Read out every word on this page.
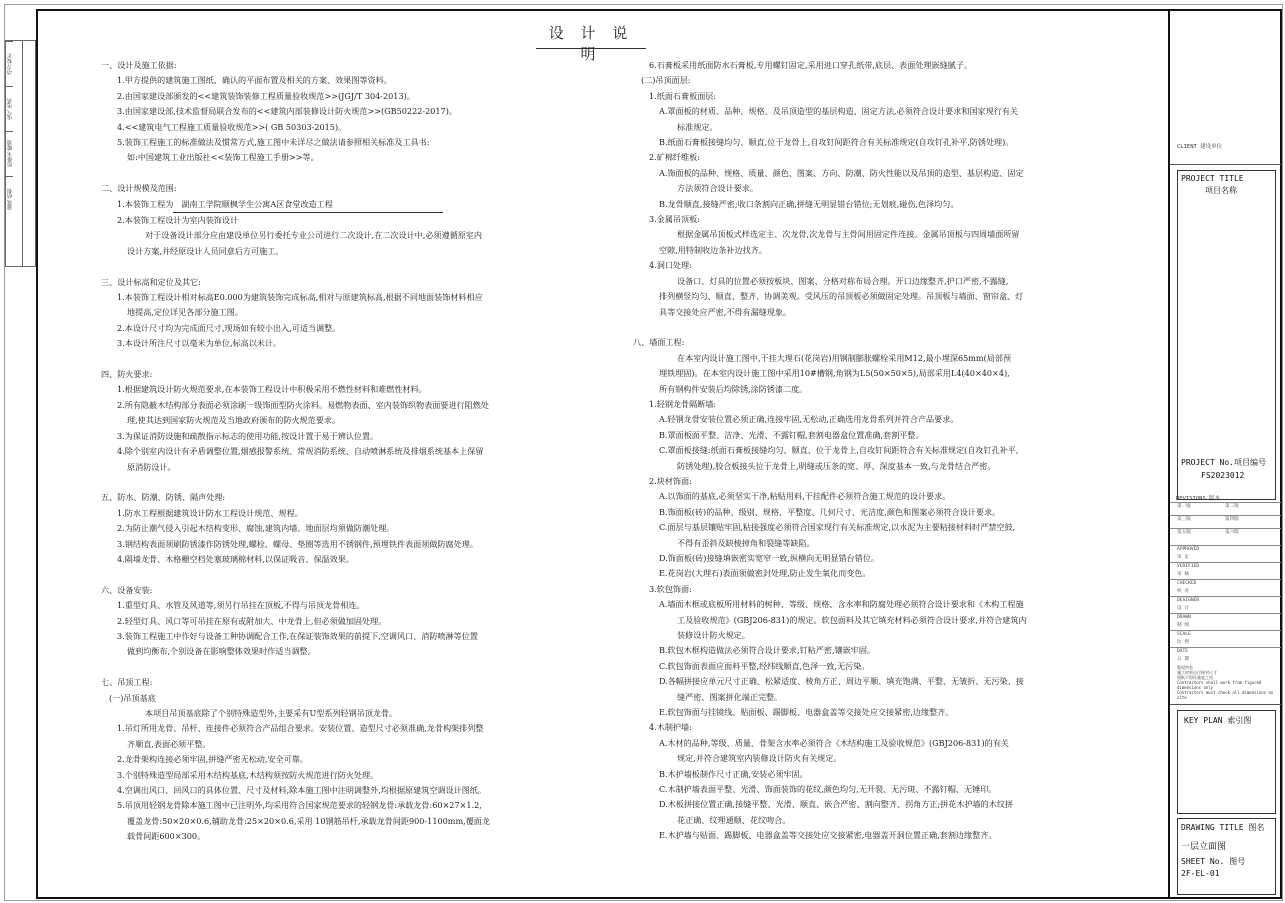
动力 校正
电气 电讯
给排水 暖通
建筑 结构
设 计 说 明
一、设计及施工依据:
1.甲方提供的建筑施工图纸、确认的平面布置及相关的方案、效果图等资料。
2.由国家建设部颁发的<<建筑装饰装修工程质量验收规范>>(JGJ/T 304-2013)。
3.由国家建设部,技术监督局联合发布的<<建筑内部装修设计防火规范>>(GB50222-2017)。
4.<<建筑电气工程施工质量验收规范>>( GB 50303-2015)。
5.装饰工程施工的标准做法及惯常方式,施工图中未详尽之做法请参照相关标准及工具书:
如:中国建筑工业出版社<<装饰工程施工手册>>等。
二、设计规模及范围:
1.本装饰工程为 湖南工学院顺枫学生公寓A区食堂改造工程
2.本装饰工程设计为室内装饰设计
对于设备设计部分应由建设单位另行委托专业公司进行二次设计,在二次设计中,必须遵循原室内
设计方案,并经原设计人员同意后方可施工。
三、设计标高和定位及其它:
1.本装饰工程设计相对标高E0.000为建筑装饰完成标高,相对与原建筑标高,根据不同地面装饰材料相应
地提高,定位详见各部分施工图。
2.本设计尺寸均为完成面尺寸,现场如有较小出入,可适当调整。
3.本设计所注尺寸以毫米为单位,标高以米计。
四、防火要求:
1.根据建筑设计防火规范要求,在本装饰工程设计中积极采用不燃性材料和难燃性材料。
2.所有隐蔽木结构部分表面必须涂刷一级饰面型防火涂料。易燃物表面、室内装饰织物表面要进行阻燃处
理,使其达到国家防火规范及当地政府颁布的防火规范要求。
3.为保证消防设施和疏散指示标志的使用功能,按设计置于易于辨认位置。
4.除个别室内设计有矛盾调整位置,烟感报警系统、常规消防系统、自动喷淋系统及排烟系统基本上保留
原消防设计。
五、防水、防潮、防锈、隔声处理:
1.防水工程根据建筑设计防水工程设计规范、规程。
2.为防止潮气侵入引起木结构变形、腐蚀,建筑内墙、地面层均须做防潮处理。
3.钢结构表面须刷防锈漆作防锈处理,螺栓、螺母、垫圈等选用不锈钢件,预埋铁件表面须做防腐处理。
4.隔墙龙骨、木格栅空档处塞玻璃棉材料,以保证吸音、保温效果。
六、设备安装:
1.重型灯具、水管及风道等,须另行吊挂在顶板,不得与吊顶龙骨相连。
2.轻型灯具、风口等可吊挂在原有或附加大、中龙骨上,但必须做加固处理。
3.装饰工程施工中作好与设备工种协调配合工作,在保证装饰效果的前提下,空调风口、消防喷淋等位置
做到均衡布,个别设备在影响整体效果时作适当调整。
七、吊顶工程:
(一)吊顶基底
本项目吊顶基底除了个别特殊造型外,主要采有U型系列轻钢吊顶龙骨。
1.吊灯所用龙骨、吊杆、连接件必须符合产品组合要求。安装位置、造型尺寸必须准确,龙骨构架排列整
齐顺直,表面必须平整。
2.龙骨架构连接必须牢固,拼缝严密无松动,安全可靠。
3.个别特殊造型局部采用木结构基底,木结构须按防火规范进行防火处理。
4.空调出风口、回风口的具体位置、尺寸及材料,除本施工图中注明调整外,均根据原建筑空调设计图纸。
5.吊顶用轻钢龙骨除本施工图中已注明外,均采用符合国家规范要求的轻钢龙骨:承载龙骨:60×27×1.2,
覆盖龙骨:50×20×0.6,辅助龙骨:25×20×0.6,采用 10钢筋吊杆,承载龙骨间距900-1100mm,覆面龙
载骨间距600×300。
6.石膏板采用纸面防水石膏板,专用螺钉固定,采用进口穿孔纸带,底层、表面处理嵌缝腻子。
(二)吊顶面层:
1.纸面石膏板面层:
A.罩面板的材质、品种、规格、及吊顶造型的基层构造、固定方法,必须符合设计要求和国家现行有关
标准规定。
B.纸面石膏板接缝均匀、顺直,位于龙骨上,自攻钉间距符合有关标准规定(自攻钉孔补平,防锈处理)。
2.矿棉纤维板:
A.饰面板的品种、规格、质量、颜色、图案、方向、防潮、防火性能以及吊顶的造型、基层构造、固定
方法须符合设计要求。
B.龙骨顺直,接缝严密;收口条割向正确,拼缝无明显错台错位;无划痕,碰伤,色泽均匀。
3.金属吊顶板:
根据金属吊顶板式样选定主、次龙骨,次龙骨与主骨间用固定件连接。金属吊顶板与四周墙面所留
空隙,用特制收边条补边找齐。
4.洞口处理:
设备口、灯具的位置必须按板块、图案、分格对称布局合理。开口边缘整齐,护口严密,不露缝,
排列横竖均匀、顺直、整齐、协调美观。受风压的吊顶板必须做固定处理。吊顶板与墙面、窗帘盒、灯
具等交接处应严密,不得有漏缝现象。
八、墙面工程:
在本室内设计施工图中,干挂大理石(花岗岩)用钢制膨胀螺栓采用M12,最小埋深65mm(局部预
埋铁埋固)。在本室内设计施工图中采用10#槽钢,角钢为L5(50×50×5),局部采用L4(40×40×4),
所有钢构件安装后均除锈,涂防锈漆二度。
1.轻钢龙骨隔断墙:
A.轻钢龙骨安装位置必须正确,连接牢固,无松动,正确选用龙骨系列并符合产品要求。
B.罩面板面平整、洁净、光滑、不露钉帽,套割电器盒位置准确,套割平整。
C.罩面板接缝:纸面石膏板接缝均匀、顺直、位于龙骨上,自攻钉间距符合有关标准规定(自攻钉孔补平,
防锈处理),胶合板接头位于龙骨上,明缝或压条的宽、厚、深度基本一致,与龙骨结合严密。
2.块材饰面:
A.以饰面的基底,必须坚实干净,粘贴用料,干挂配件必须符合施工规范的设计要求。
B.饰面板(砖)的品种、级别、规格、平整度、几何尺寸、光洁度,颜色和图案必须符合设计要求。
C.面层与基层镶贴牢固,粘接强度必须符合国家现行有关标准规定,以水泥为主要粘接材料时严禁空鼓,
不得有歪斜及缺棱掉角和裂缝等缺陷。
D.饰面板(砖)接缝填嵌密实宽窄一致,纵横向无明显错台错位。
E.花岗岩(大理石)表面须做密封处理,防止发生氧化而变色。
3.软包饰面:
A.墙面木框或底板所用材料的树种、等级、规格、含水率和防腐处理必须符合设计要求和《木构工程施
工及验收规范》(GBJ206-831)的规定。软包面料及其它填充材料必须符合设计要求,并符合建筑内
装修设计防火规定。
B.软包木框构造做法必须符合设计要求,钉粘严密,镶嵌牢固。
C.软包饰面表面应面料平整,经纬线顺直,色泽一致,无污染。
D.各幅拼接应单元尺寸正确、松紧适度、棱角方正、周边平顺、填充饱满、平整、无皱折、无污染、接
缝严密、图案拼化端正完整。
E.软包饰面与挂镜线、贴面板、踢脚板、电器盒盖等交接处应交接紧密,边缘整齐。
4.木制护墙:
A.木材的品种,等级、质量、骨架含水率必须符合《木结构施工及验收规范》(GBJ206-831)的有关
规定,并符合建筑室内装修设计防火有关规定。
B.木护墙板制作尺寸正确,安装必须牢固。
C.木制护墙表面平整、光滑、饰面装饰的花纹,颜色均匀,无开裂、无污斑、不露钉帽、无锤印。
D.木板拼接位置正确,接缝平整、光滑、顺直、嵌合严密、割向整齐、拐角方正;拼花木护墙的木纹拼
花正确、纹理通顺、花纹吻合。
E.木护墙与贴面、踢脚板、电器盒盖等交接处应交接紧密,电器盖开洞位置正确,套割边缘整齐。
CLIENT 建设单位
PROJECT TITLE
项目名称
PROJECT No.项目编号
FS2023012
REVISIONS 版本
第一版	第二版
第三版	第四版
第五版	第六版
APPROVED
审 定
VERIFIED
审 核
CHECKED
校 对
DESIGNER
设 计
DRAWN
制 图
SCALE
比 例
DATE
日 期
版权所有
施工时须自行核对尺寸
图纸不得作量度之用
Contractors shall work from figured dimensions only
Contractors must check all dimensions on site
KEY PLAN 索引图
DRAWING TITLE 图名
一层立面图
SHEET No. 图号
2F-EL-01
